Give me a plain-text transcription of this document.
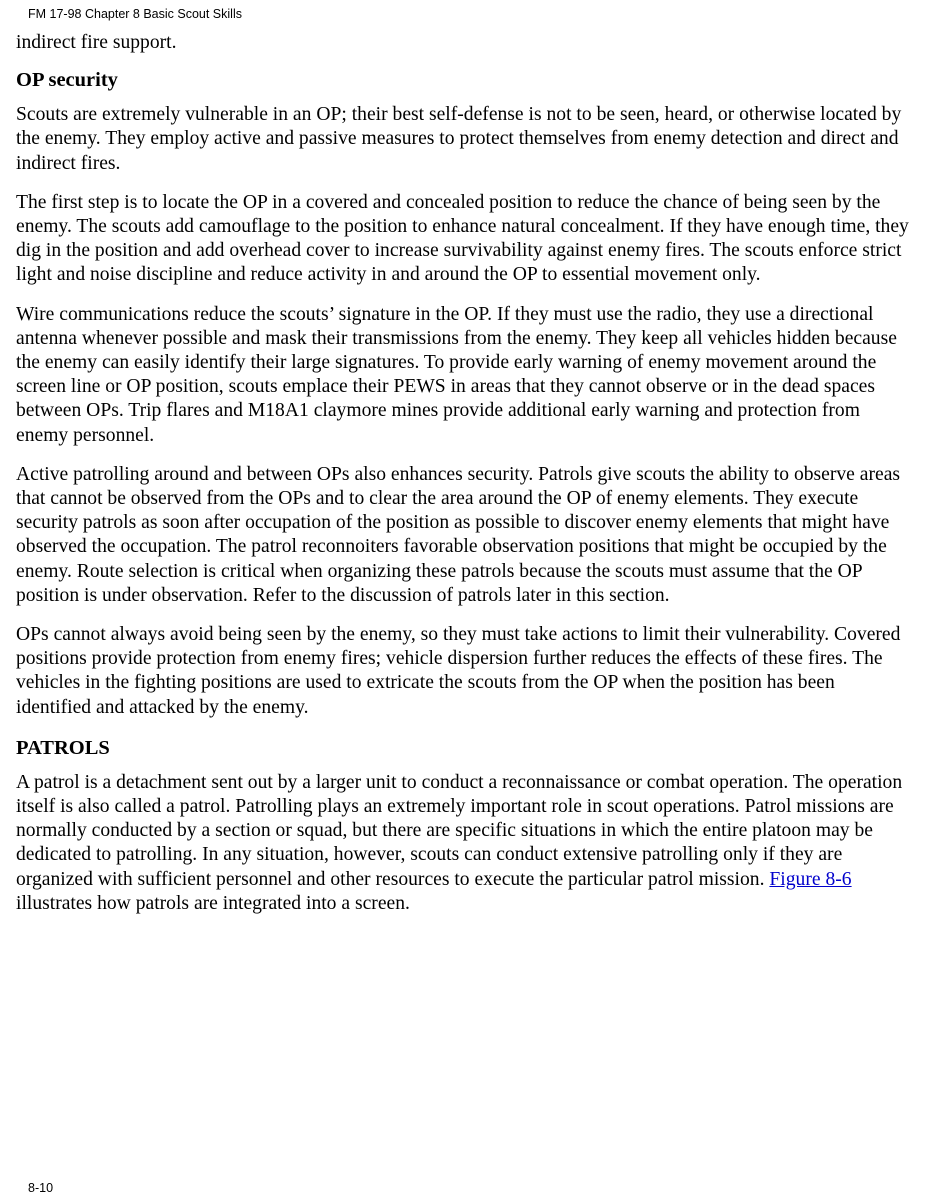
FM 17-98 Chapter 8 Basic Scout Skills

indirect fire support.

OP security

Scouts are extremely vulnerable in an OP; their best self-defense is not to be seen, heard, or otherwise located by the enemy. They employ active and passive measures to protect themselves from enemy detection and direct and indirect fires.

The first step is to locate the OP in a covered and concealed position to reduce the chance of being seen by the enemy. The scouts add camouflage to the position to enhance natural concealment. If they have enough time, they dig in the position and add overhead cover to increase survivability against enemy fires. The scouts enforce strict light and noise discipline and reduce activity in and around the OP to essential movement only.

Wire communications reduce the scouts’ signature in the OP. If they must use the radio, they use a directional antenna whenever possible and mask their transmissions from the enemy. They keep all vehicles hidden because the enemy can easily identify their large signatures. To provide early warning of enemy movement around the screen line or OP position, scouts emplace their PEWS in areas that they cannot observe or in the dead spaces between OPs. Trip flares and M18A1 claymore mines provide additional early warning and protection from enemy personnel.

Active patrolling around and between OPs also enhances security. Patrols give scouts the ability to observe areas that cannot be observed from the OPs and to clear the area around the OP of enemy elements. They execute security patrols as soon after occupation of the position as possible to discover enemy elements that might have observed the occupation. The patrol reconnoiters favorable observation positions that might be occupied by the enemy. Route selection is critical when organizing these patrols because the scouts must assume that the OP position is under observation. Refer to the discussion of patrols later in this section.

OPs cannot always avoid being seen by the enemy, so they must take actions to limit their vulnerability. Covered positions provide protection from enemy fires; vehicle dispersion further reduces the effects of these fires. The vehicles in the fighting positions are used to extricate the scouts from the OP when the position has been identified and attacked by the enemy.

PATROLS

A patrol is a detachment sent out by a larger unit to conduct a reconnaissance or combat operation. The operation itself is also called a patrol. Patrolling plays an extremely important role in scout operations. Patrol missions are normally conducted by a section or squad, but there are specific situations in which the entire platoon may be dedicated to patrolling. In any situation, however, scouts can conduct extensive patrolling only if they are organized with sufficient personnel and other resources to execute the particular patrol mission. Figure 8-6 illustrates how patrols are integrated into a screen.

8-10
